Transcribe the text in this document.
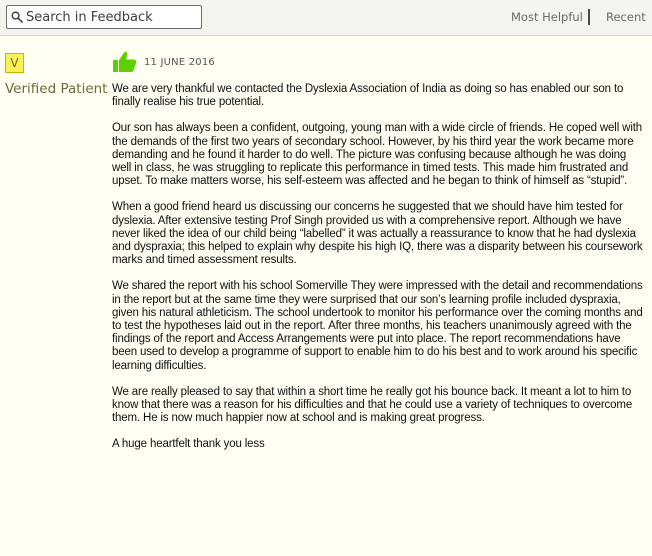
Search in Feedback
Most Helpful Recent
V
Verified Patient
11 JUNE 2016

We are very thankful we contacted the Dyslexia Association of India as doing so has enabled our son to finally realise his true potential.

Our son has always been a confident, outgoing, young man with a wide circle of friends. He coped well with the demands of the first two years of secondary school. However, by his third year the work became more demanding and he found it harder to do well. The picture was confusing because although he was doing well in class, he was struggling to replicate this performance in timed tests. This made him frustrated and upset. To make matters worse, his self-esteem was affected and he began to think of himself as “stupid”.

When a good friend heard us discussing our concerns he suggested that we should have him tested for dyslexia. After extensive testing Prof Singh provided us with a comprehensive report. Although we have never liked the idea of our child being “labelled” it was actually a reassurance to know that he had dyslexia and dyspraxia; this helped to explain why despite his high IQ, there was a disparity between his coursework marks and timed assessment results.

We shared the report with his school Somerville They were impressed with the detail and recommendations in the report but at the same time they were surprised that our son’s learning profile included dyspraxia, given his natural athleticism. The school undertook to monitor his performance over the coming months and to test the hypotheses laid out in the report. After three months, his teachers unanimously agreed with the findings of the report and Access Arrangements were put into place. The report recommendations have been used to develop a programme of support to enable him to do his best and to work around his specific learning difficulties.

We are really pleased to say that within a short time he really got his bounce back. It meant a lot to him to know that there was a reason for his difficulties and that he could use a variety of techniques to overcome them. He is now much happier now at school and is making great progress.

A huge heartfelt thank you less
